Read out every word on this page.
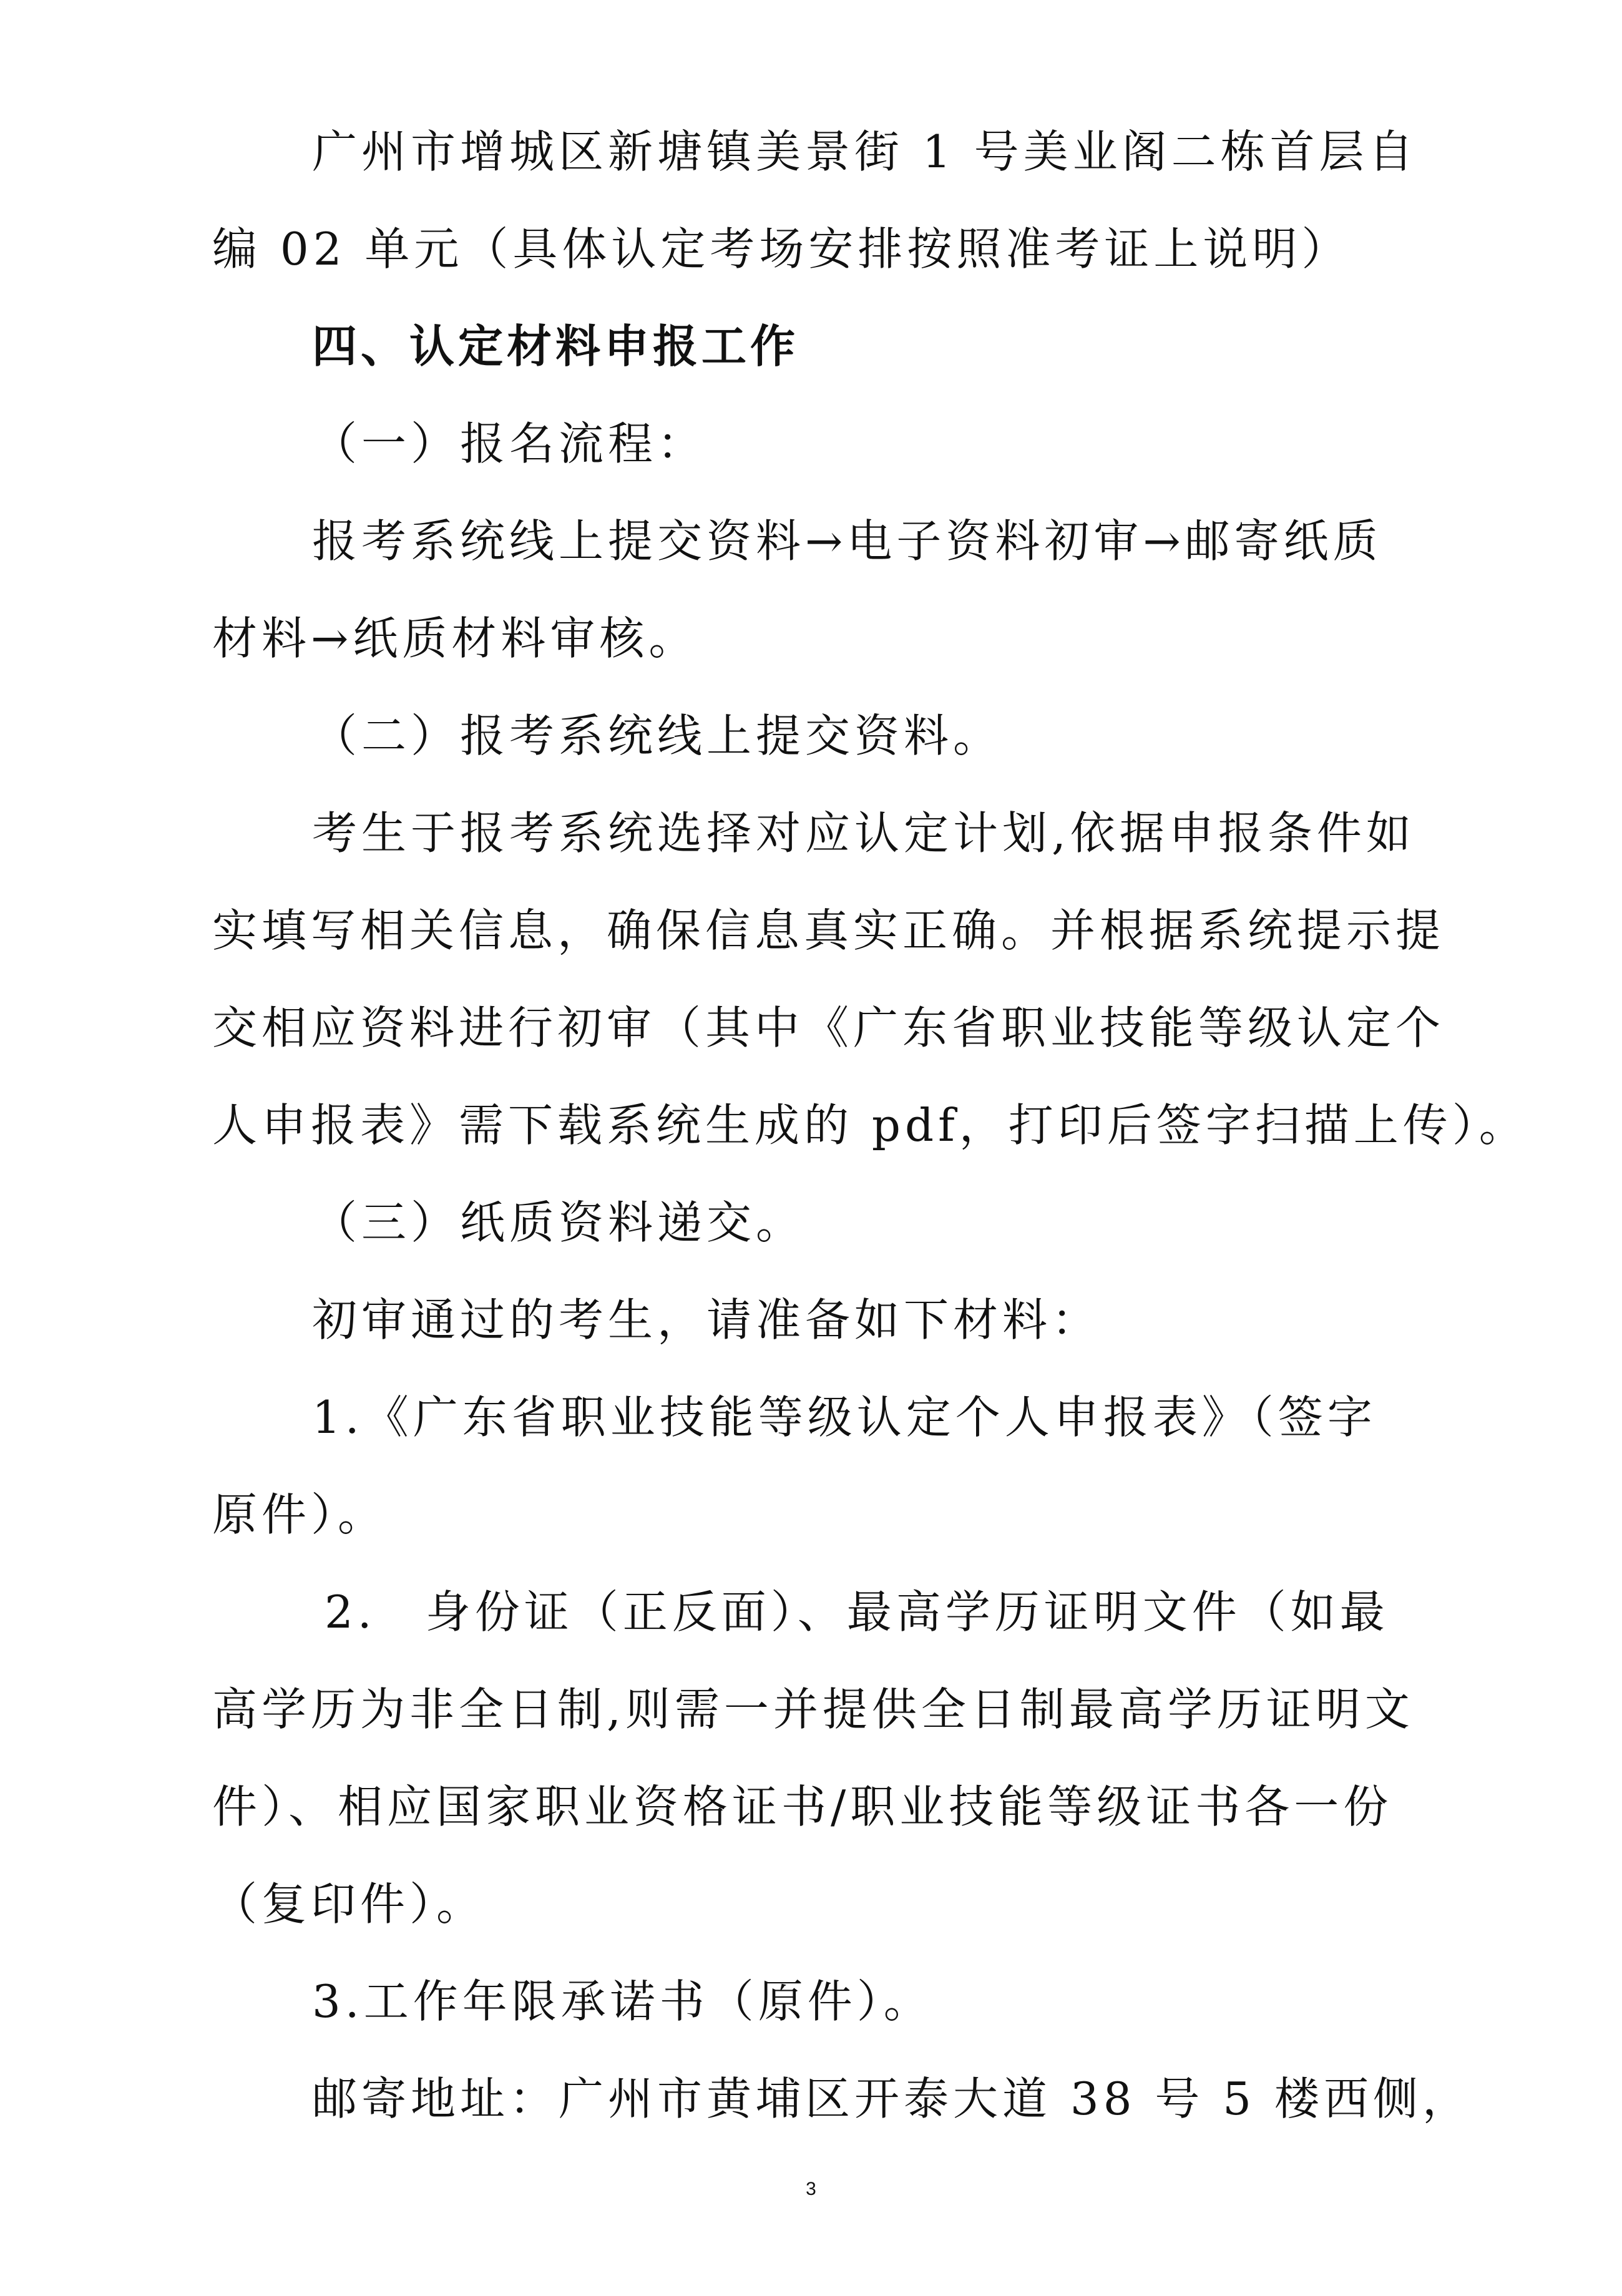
广州市增城区新塘镇美景街 1 号美业阁二栋首层自
编 02 单元（具体认定考场安排按照准考证上说明）
四、认定材料申报工作
（一）报名流程：
报考系统线上提交资料→电子资料初审→邮寄纸质
材料→纸质材料审核。
（二）报考系统线上提交资料。
考生于报考系统选择对应认定计划,依据申报条件如
实填写相关信息，确保信息真实正确。并根据系统提示提
交相应资料进行初审（其中《广东省职业技能等级认定个
人申报表》需下载系统生成的 pdf，打印后签字扫描上传）。
（三）纸质资料递交。
初审通过的考生，请准备如下材料：
1.《广东省职业技能等级认定个人申报表》（签字
原件）。
2.　身份证（正反面）、最高学历证明文件（如最
高学历为非全日制,则需一并提供全日制最高学历证明文
件）、相应国家职业资格证书/职业技能等级证书各一份
（复印件）。
3.工作年限承诺书（原件）。
邮寄地址：广州市黄埔区开泰大道 38 号 5 楼西侧，
3
